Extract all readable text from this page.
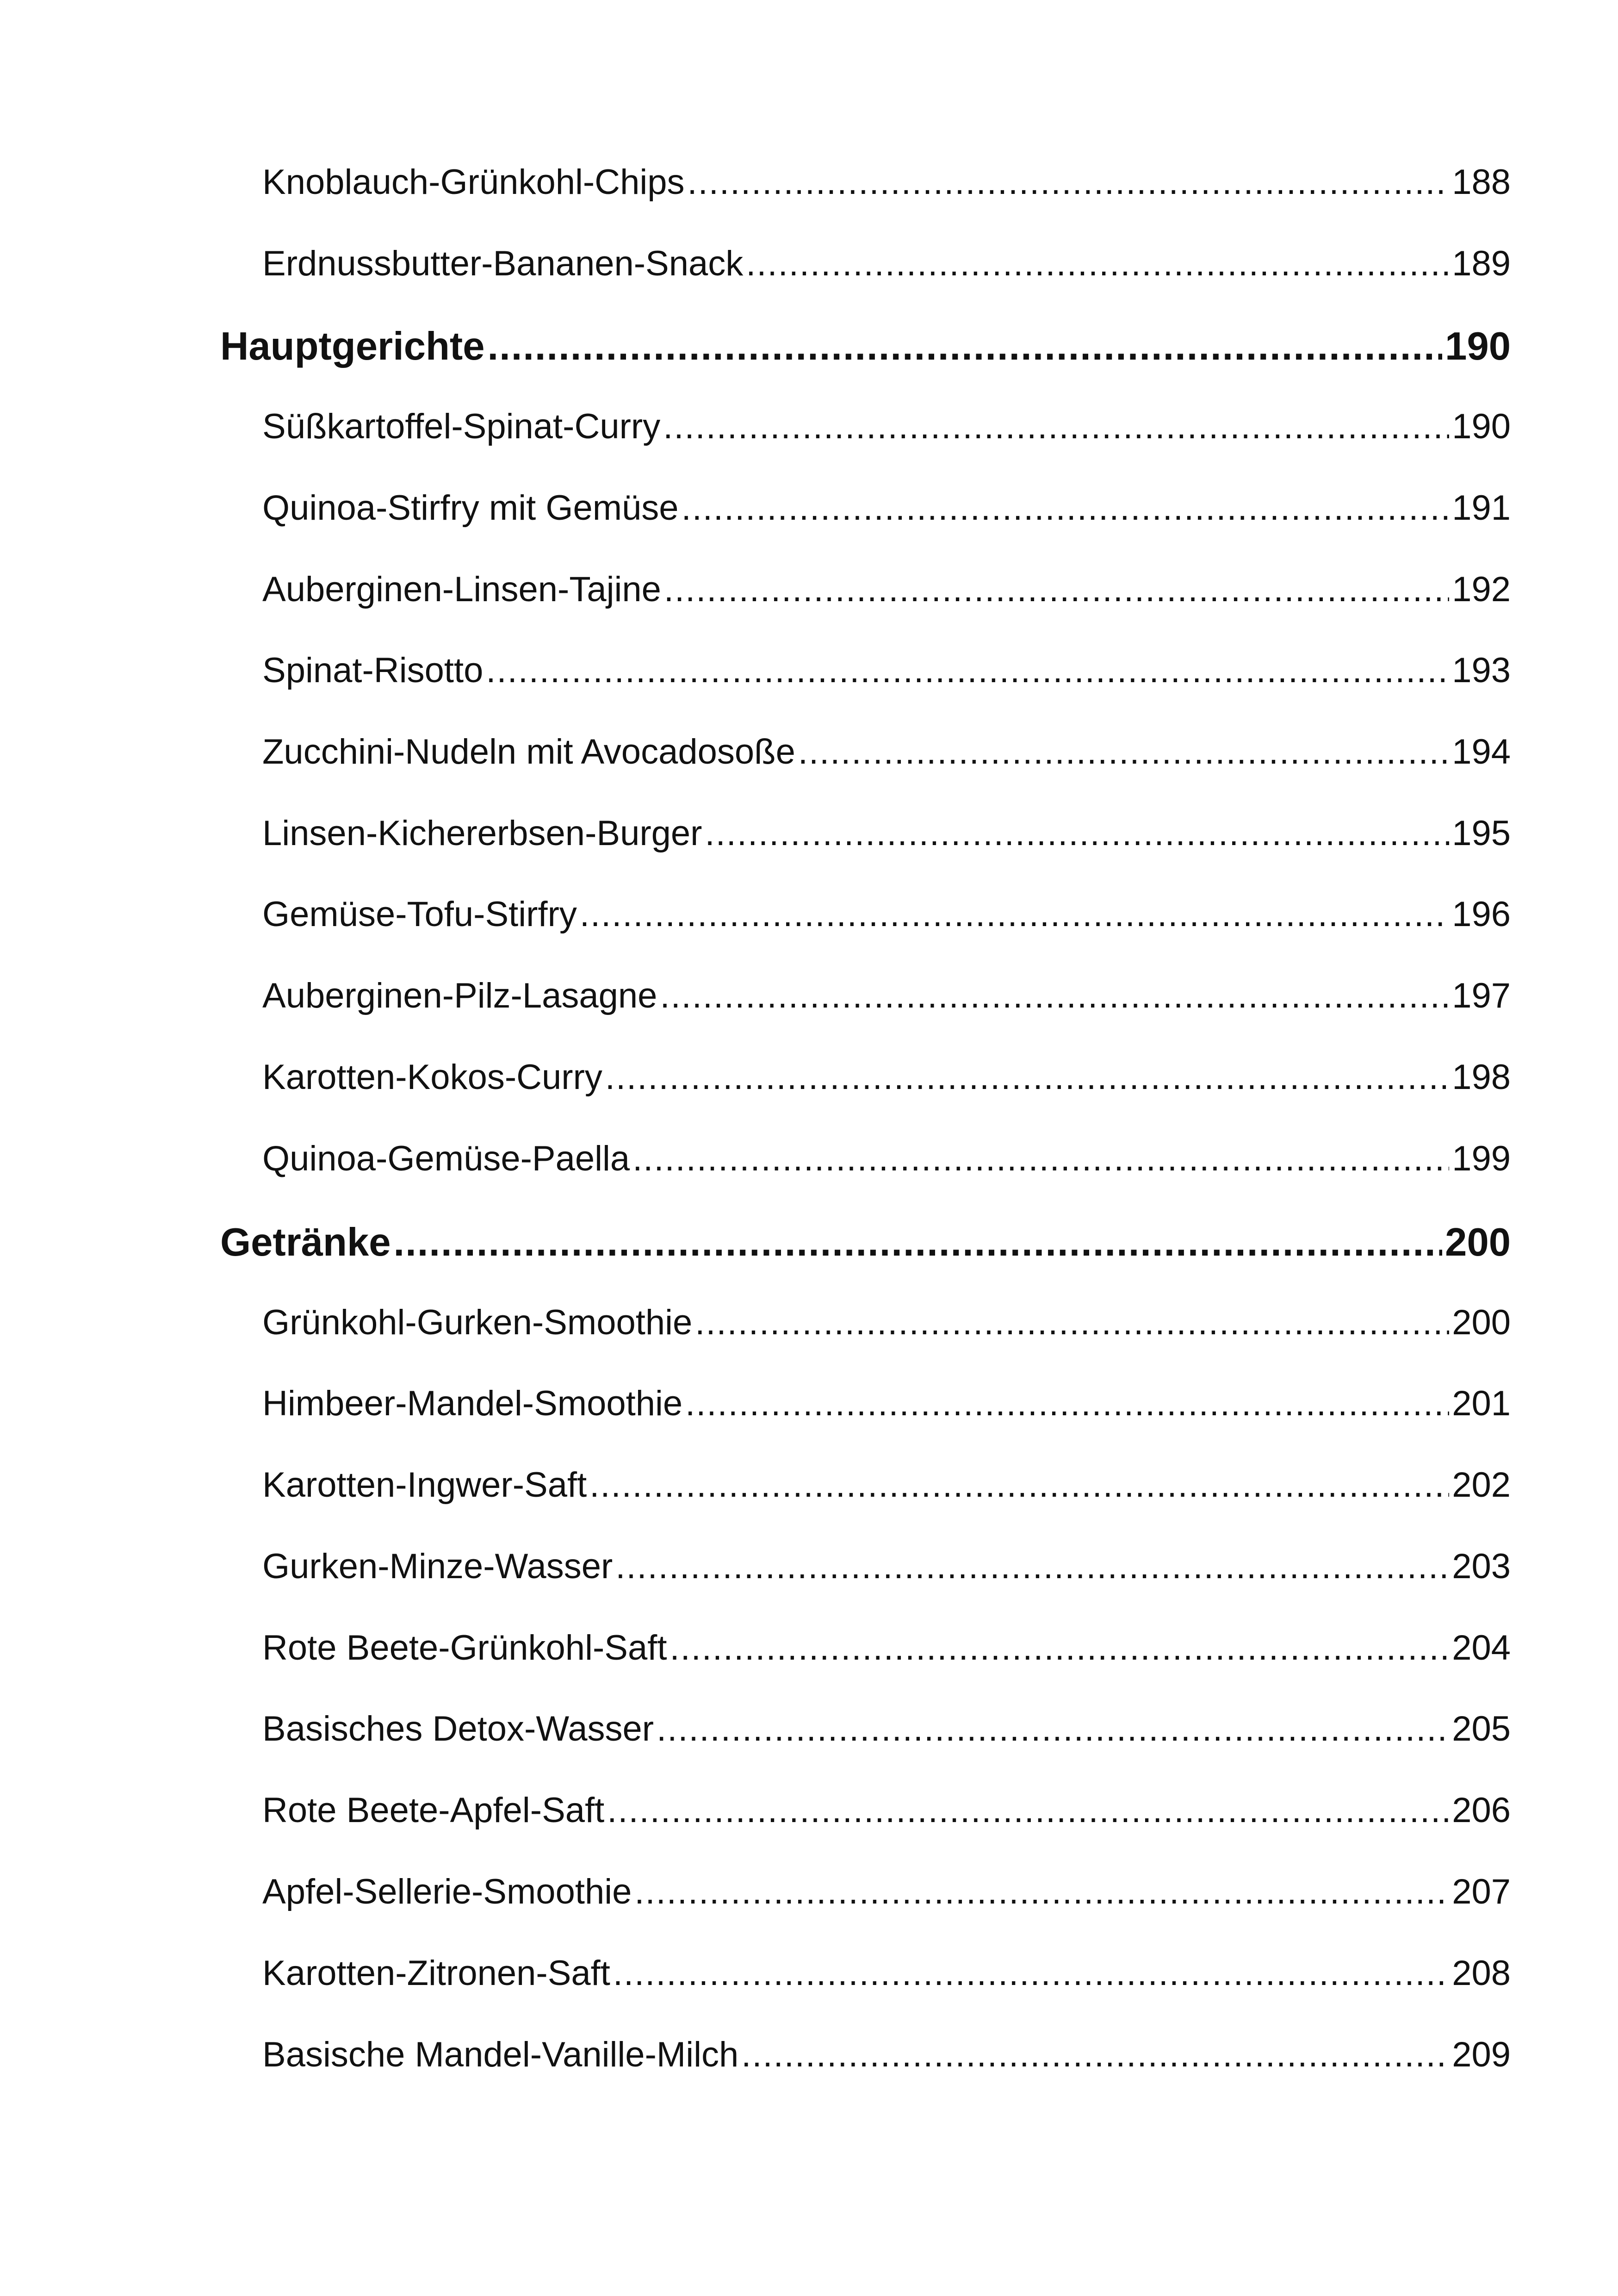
Knoblauch-Grünkohl-Chips .....	188
Erdnussbutter-Bananen-Snack .....	189
Hauptgerichte .....	190
Süßkartoffel-Spinat-Curry .....	190
Quinoa-Stirfry mit Gemüse .....	191
Auberginen-Linsen-Tajine .....	192
Spinat-Risotto .....	193
Zucchini-Nudeln mit Avocadosoße .....	194
Linsen-Kichererbsen-Burger .....	195
Gemüse-Tofu-Stirfry .....	196
Auberginen-Pilz-Lasagne .....	197
Karotten-Kokos-Curry .....	198
Quinoa-Gemüse-Paella .....	199
Getränke .....	200
Grünkohl-Gurken-Smoothie .....	200
Himbeer-Mandel-Smoothie .....	201
Karotten-Ingwer-Saft .....	202
Gurken-Minze-Wasser .....	203
Rote Beete-Grünkohl-Saft .....	204
Basisches Detox-Wasser .....	205
Rote Beete-Apfel-Saft .....	206
Apfel-Sellerie-Smoothie .....	207
Karotten-Zitronen-Saft .....	208
Basische Mandel-Vanille-Milch .....	209
